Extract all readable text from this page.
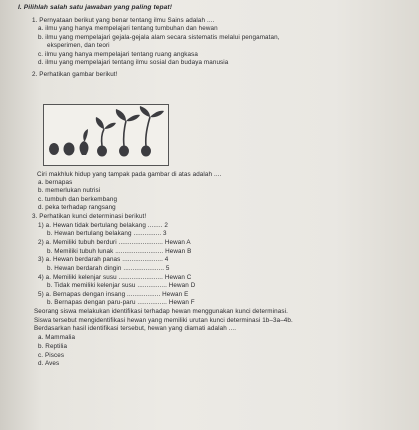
I. Pilihlah salah satu jawaban yang paling tepat!
1. Pernyataan berikut yang benar tentang ilmu Sains adalah ....
a. ilmu yang hanya mempelajari tentang tumbuhan dan hewan
b. ilmu yang mempelajari gejala-gejala alam secara sistematis melalui pengamatan,
eksperimen, dan teori
c. ilmu yang hanya mempelajari tentang ruang angkasa
d. ilmu yang mempelajari tentang ilmu sosial dan budaya manusia
2. Perhatikan gambar berikut!
Ciri makhluk hidup yang tampak pada gambar di atas adalah ....
a. bernapas
b. memerlukan nutrisi
c. tumbuh dan berkembang
d. peka terhadap rangsang
3. Perhatikan kunci determinasi berikut!
1) a. Hewan tidak bertulang belakang ........ 2
b. Hewan bertulang belakang ............... 3
2) a. Memiliki tubuh berduri ........................ Hewan A
b. Memiliki tubuh lunak .......................... Hewan B
3) a. Hewan berdarah panas ...................... 4
b. Hewan berdarah dingin ...................... 5
4) a. Memiliki kelenjar susu ........................ Hewan C
b. Tidak memiliki kelenjar susu ................ Hewan D
5) a. Bernapas dengan insang .................. Hewan E
b. Bernapas dengan paru-paru ................ Hewan F
Seorang siswa melakukan identifikasi terhadap hewan menggunakan kunci determinasi.
Siswa tersebut mengidentifikasi hewan yang memiliki urutan kunci determinasi 1b–3a–4b.
Berdasarkan hasil identifikasi tersebut, hewan yang diamati adalah ....
a. Mammalia
b. Reptilia
c. Pisces
d. Aves
